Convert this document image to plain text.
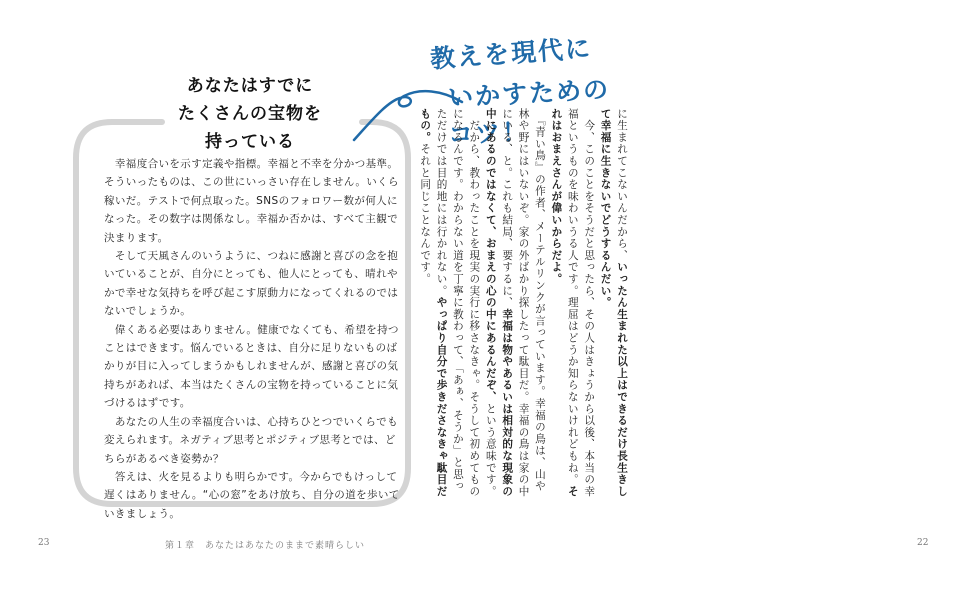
あなたはすでに
たくさんの宝物を
持っている

　幸福度合いを示す定義や指標。幸福と不幸を分かつ基準。そういったものは、この世にいっさい存在しません。いくら稼いだ。テストで何点取った。SNSのフォロワー数が何人になった。その数字は関係なし。幸福か否かは、すべて主観で決まります。

　そして天風さんのいうように、つねに感謝と喜びの念を抱いていることが、自分にとっても、他人にとっても、晴れやかで幸せな気持ちを呼び起こす原動力になってくれるのではないでしょうか。

　偉くある必要はありません。健康でなくても、希望を持つことはできます。悩んでいるときは、自分に足りないものばかりが目に入ってしまうかもしれませんが、感謝と喜びの気持ちがあれば、本当はたくさんの宝物を持っていることに気づけるはずです。

　あなたの人生の幸福度合いは、心持ちひとつでいくらでも変えられます。ネガティブ思考とポジティブ思考とでは、どちらがあるべき姿勢か？

　答えは、火を見るよりも明らかです。今からでもけっして遅くはありません。“心の窓”をあけ放ち、自分の道を歩いていきましょう。

教えを現代に
いかすための
コツ！	に生まれてこないんだから、いったん生まれた以上はできるだけ長生きして幸福に生きないでどうするんだい。

　今、このことをそうだと思ったら、その人はきょうから以後、本当の幸福というものを味わいうる人です。理屈はどうか知らないけれどもね。それはおまえさんが偉いからだよ。

　『青い鳥』の作者、メーテルリンクが言っています。幸福の鳥は、山や林や野にはいないぞ。家の外ばかり探したって駄目だ。幸福の鳥は家の中にいる、と。これも結局、要するに、幸福は物やあるいは相対的な現象の中にあるのではなくて、おまえの心の中にあるんだぞ、という意味です。

　だから、教わったことを現実の実行に移さなきゃ。そうして初めてものになるんです。わからない道を丁寧に教わって、「あぁ、そうか」と思っただけでは目的地には行かれない。やっぱり自分で歩きださなきゃ駄目だもの。それと同じことなんです。

23	第１章　あなたはあなたのままで素晴らしい	22
